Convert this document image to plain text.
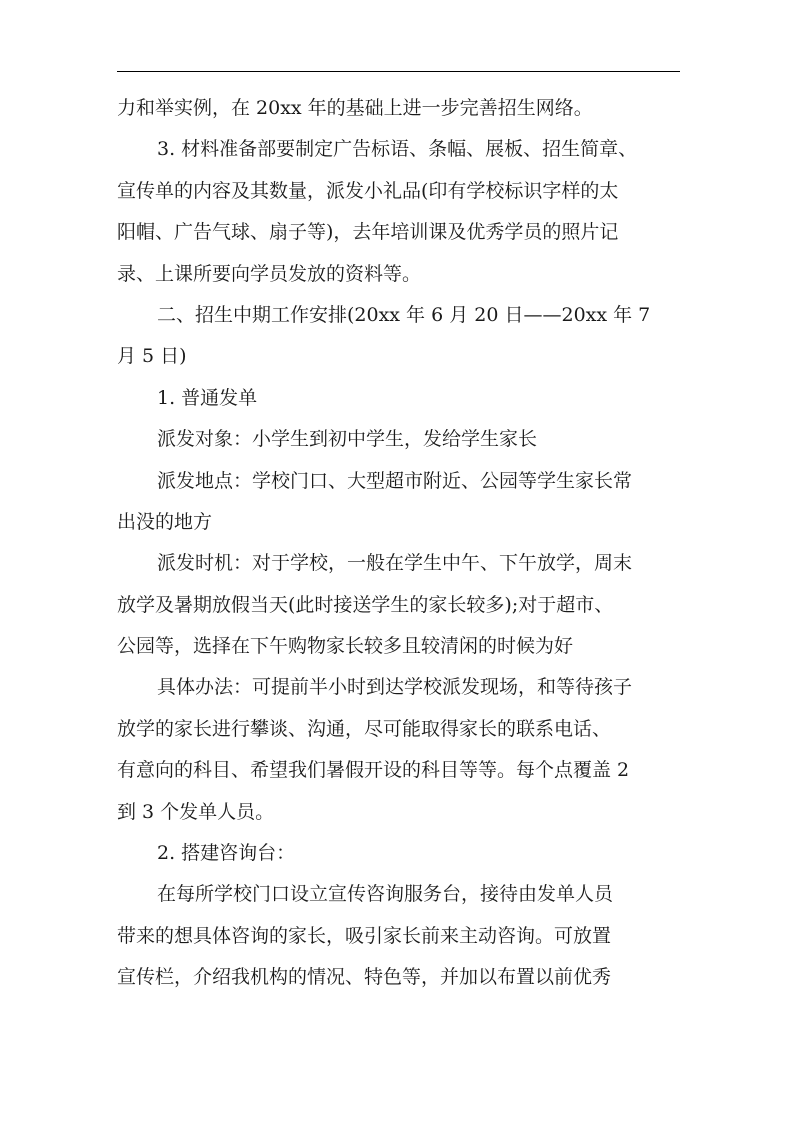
力和举实例，在 20xx 年的基础上进一步完善招生网络。
3. 材料准备部要制定广告标语、条幅、展板、招生简章、
宣传单的内容及其数量，派发小礼品(印有学校标识字样的太
阳帽、广告气球、扇子等)，去年培训课及优秀学员的照片记
录、上课所要向学员发放的资料等。
二、招生中期工作安排(20xx 年 6 月 20 日——20xx 年 7
月 5 日)
1. 普通发单
派发对象：小学生到初中学生，发给学生家长
派发地点：学校门口、大型超市附近、公园等学生家长常
出没的地方
派发时机：对于学校，一般在学生中午、下午放学，周末
放学及暑期放假当天(此时接送学生的家长较多);对于超市、
公园等，选择在下午购物家长较多且较清闲的时候为好
具体办法：可提前半小时到达学校派发现场，和等待孩子
放学的家长进行攀谈、沟通，尽可能取得家长的联系电话、
有意向的科目、希望我们暑假开设的科目等等。每个点覆盖 2
到 3 个发单人员。
2. 搭建咨询台：
在每所学校门口设立宣传咨询服务台，接待由发单人员
带来的想具体咨询的家长，吸引家长前来主动咨询。可放置
宣传栏，介绍我机构的情况、特色等，并加以布置以前优秀
